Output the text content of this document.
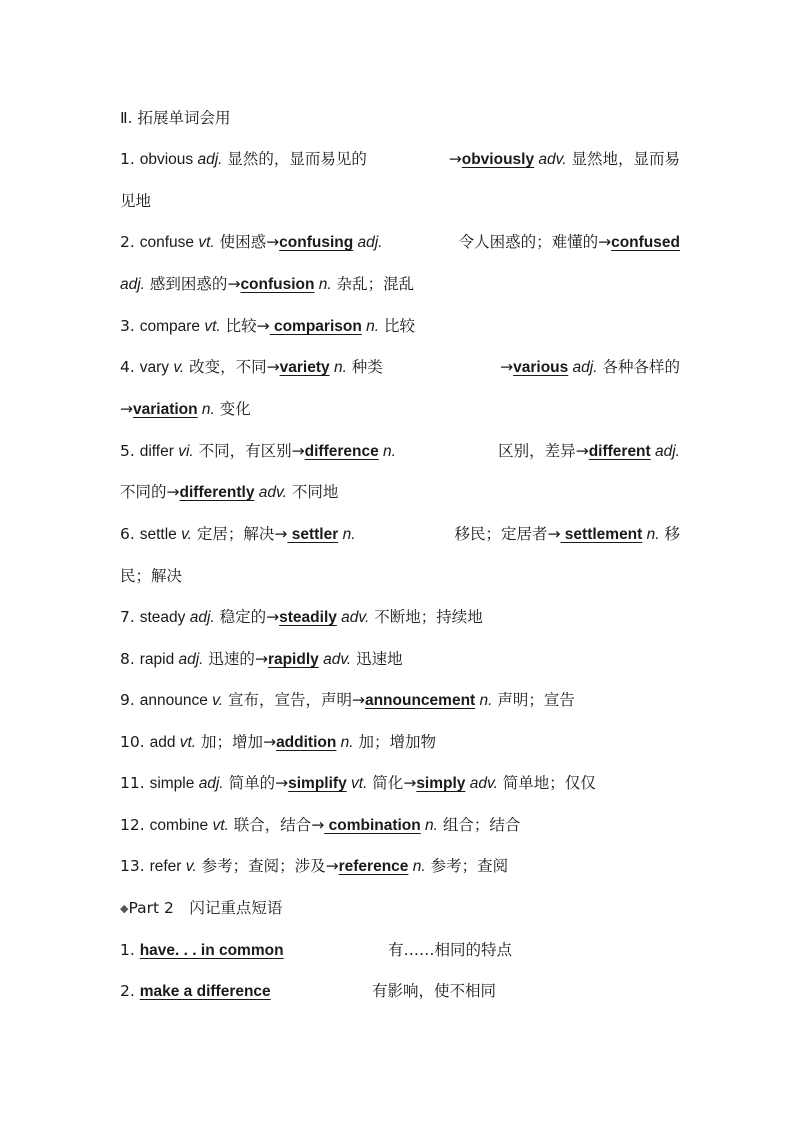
Ⅱ. 拓展单词会用
1. obvious adj. 显然的，显而易见的	→obviously adv. 显然地，显而易
见地
2. confuse vt. 使困惑→confusing adj.	令人困惑的；难懂的→confused
adj. 感到困惑的→confusion n. 杂乱；混乱
3. compare vt. 比较→ comparison n. 比较
4. vary v. 改变，不同→variety n. 种类	→various adj. 各种各样的
→variation n. 变化
5. differ vi. 不同，有区别→difference n.	区别，差异→different adj.
不同的→differently adv. 不同地
6. settle v. 定居；解决→ settler n.	移民；定居者→ settlement n. 移
民；解决
7. steady adj. 稳定的→steadily adv. 不断地；持续地
8. rapid adj. 迅速的→rapidly adv. 迅速地
9. announce v. 宣布，宣告，声明→announcement n. 声明；宣告
10. add vt. 加；增加→addition n. 加；增加物
11. simple adj. 简单的→simplify vt. 简化→simply adv. 简单地；仅仅
12. combine vt. 联合，结合→ combination n. 组合；结合
13. refer v. 参考；查阅；涉及→reference n. 参考；查阅
◆Part 2　闪记重点短语
1. have. . . in common	有……相同的特点
2. make a difference	有影响，使不相同
